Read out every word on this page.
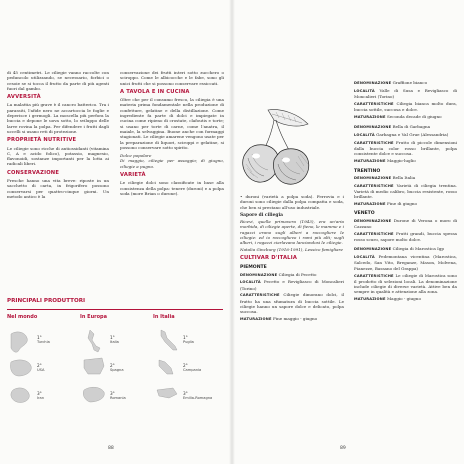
di 45 centimetri. Le ciliegie vanno raccolte con peduncolo utilizzando, se necessario, forbici o cesoie se si tocca il frutto da parte di più agenti fuori dal gambo.

AVVERSITÀ

La malattia più grave è il cancro batterico. Tra i parassiti, l'afide nero ne accartoccia le foglie e deperisce i germogli. La moscella più perfora la buccia e depone le uova sotto, lo sviluppo delle larve rovina la polpa. Per difendere i frutti dagli uccelli si usano reti di protezione.

PROPRIETÀ NUTRITIVE

Le ciliegie sono ricche di antiossidanti (vitamina C, A e acido folico), potassio, magnesio, flavonoidi, sostanze importanti per la lotta ai radicali liberi.

CONSERVAZIONE

Fresche hanno una vita breve: riposte in un sacchetto di carta, in frigorifero possono conservarsi per quattro-cinque giorni. Un metodo antico è la

conservazione dei frutti interi sotto zucchero o sciroppo. Come le albicocche e le fabe, sono gli unici frutti che si possono conservare essiccati.

A TAVOLA E IN CUCINA

Oltre che per il consumo fresco, la ciliegia è una materia prima fondamentale nella produzione di confetture, gelatine e della distillazione. Come ingrediente fa parte di dolci e impiegate in cucina come ripieno di crostate, clafoutis e torte; si usano per torte di carne, come l'anatra, il maiale, la selvaggina. Buone anche con formaggi stagionati. Le ciliegie amarene vengono usate per la preparazione di liquori, sciroppi e gelatine, si possono conservare sotto spirito.

Dolce popolare

Di maggio, ciliegie per assaggio; di giugno, ciliegie a pugno.

VARIETÀ

Le ciliegie dolci sono classificate in base alla consistenza della polpa: tenere (duroni) e a polpa soda (more Brian o durone).

PRINCIPALI PRODUTTORI
Nel mondo
1°
Turchia
2°
USA
3°
Iran
In Europa
1°
Italia
2°
Spagna
3°
Romania
In Italia
1°
Puglia
2°
Campania
3°
Emilia-Romagna
88

• duroni (varietà a polpa soda). Ferrovia e i duroni sono ciliegie dalla polpa compatta e soda, che ben si prestano all'uso industriale.

Sapore di ciliegia

Ricevi, quella primavera (1943), era un'aria morbida, di ciliegie aperte, di fieno, le mamme e i ragazzi erano sugli alberi a raccogliere le ciliegie: ed io raccoglievo i rami più alti; sugli alberi, i ragazzi ciarlavano lanciandosi le ciliegie.

Natalia Ginzburg (1916-1991), Lessico famigliare

CULTIVAR D'ITALIA
PIEMONTE
DENOMINAZIONE Ciliegia di Pecetto
LOCALITÀ Pecetto e Revigliasco di Moncalieri (Torino)
CARATTERISTICHE Ciliegie dimorano dolci, il frutto ha una sfumatura di buccia sottile. Le ciliegie hanno un sapore dolce e delicato, polpa succosa.
MATURAZIONE Fine maggio - giugno
DENOMINAZIONE Graffione bianco
LOCALITÀ Valle di Susa e Revigliasco di Moncalieri (Torino)
CARATTERISTICHE Ciliegia bianca molto dura, buccia sottile, succosa e dolce.
MATURAZIONE Seconda decade di giugno
DENOMINAZIONE Bella di Garbagna
LOCALITÀ Garbagna e Val Grue (Alessandria)
CARATTERISTICHE Frutto di piccole dimensioni dalla buccia color rosso brillante, polpa consistente dolce e succosa.
MATURAZIONE Maggio-luglio
TRENTINO
DENOMINAZIONE Bella Italia
CARATTERISTICHE Varietà di ciliegia trentina. Varietà di medio calibro, buccia resistente, rosso brillante.
MATURAZIONE Fine di giugno
VENETO
DENOMINAZIONE Durone di Verona o moro di Cazzano
CARATTERISTICHE Frutti grandi, buccia spessa rosso scuro, sapore molto dolce.
DENOMINAZIONE Ciliegia di Marostica Igp
LOCALITÀ Pedemontana vicentina (Marostica, Salcedo, San Vito, Breganze, Mason, Molvena, Pianezze, Bassano del Grappa)
CARATTERISTICHE Le ciliegie di Marostica sono il prodotto di selezioni locali. La denominazione include ciliegie di diverse varietà. Attive ben da sempre in qualità e attenzione alla zona.
MATURAZIONE Maggio - giugno
89
